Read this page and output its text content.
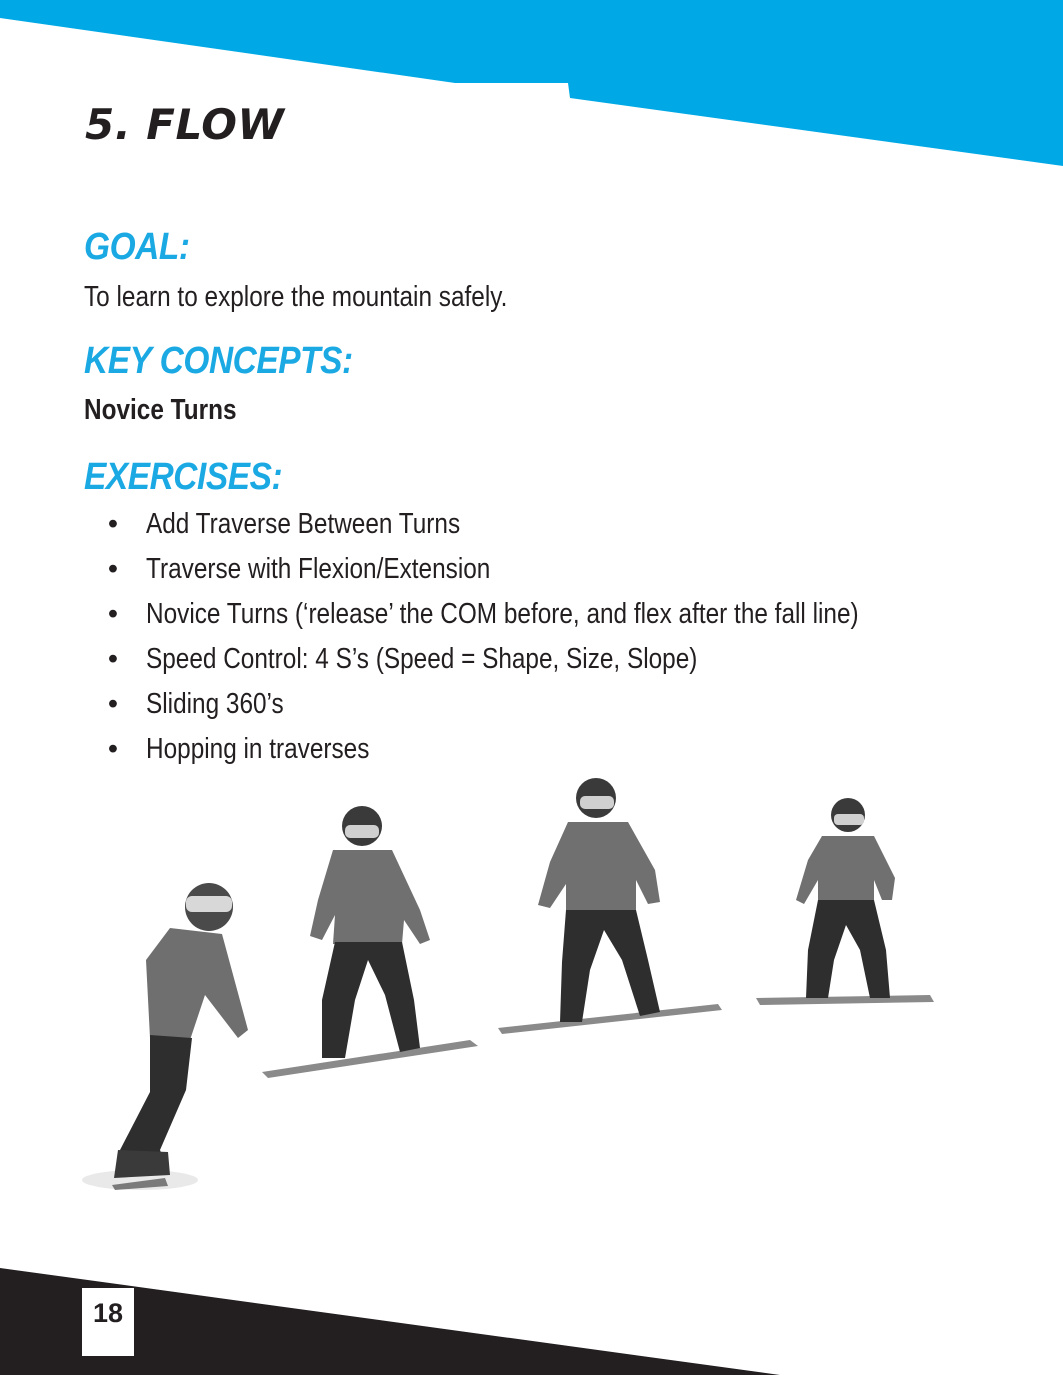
5. FLOW
GOAL:

To learn to explore the mountain safely.

KEY CONCEPTS:

Novice Turns

EXERCISES:
• Add Traverse Between Turns
• Traverse with Flexion/Extension
• Novice Turns (‘release’ the COM before, and flex after the fall line)
• Speed Control: 4 S’s (Speed = Shape, Size, Slope)
• Sliding 360’s
• Hopping in traverses
18
